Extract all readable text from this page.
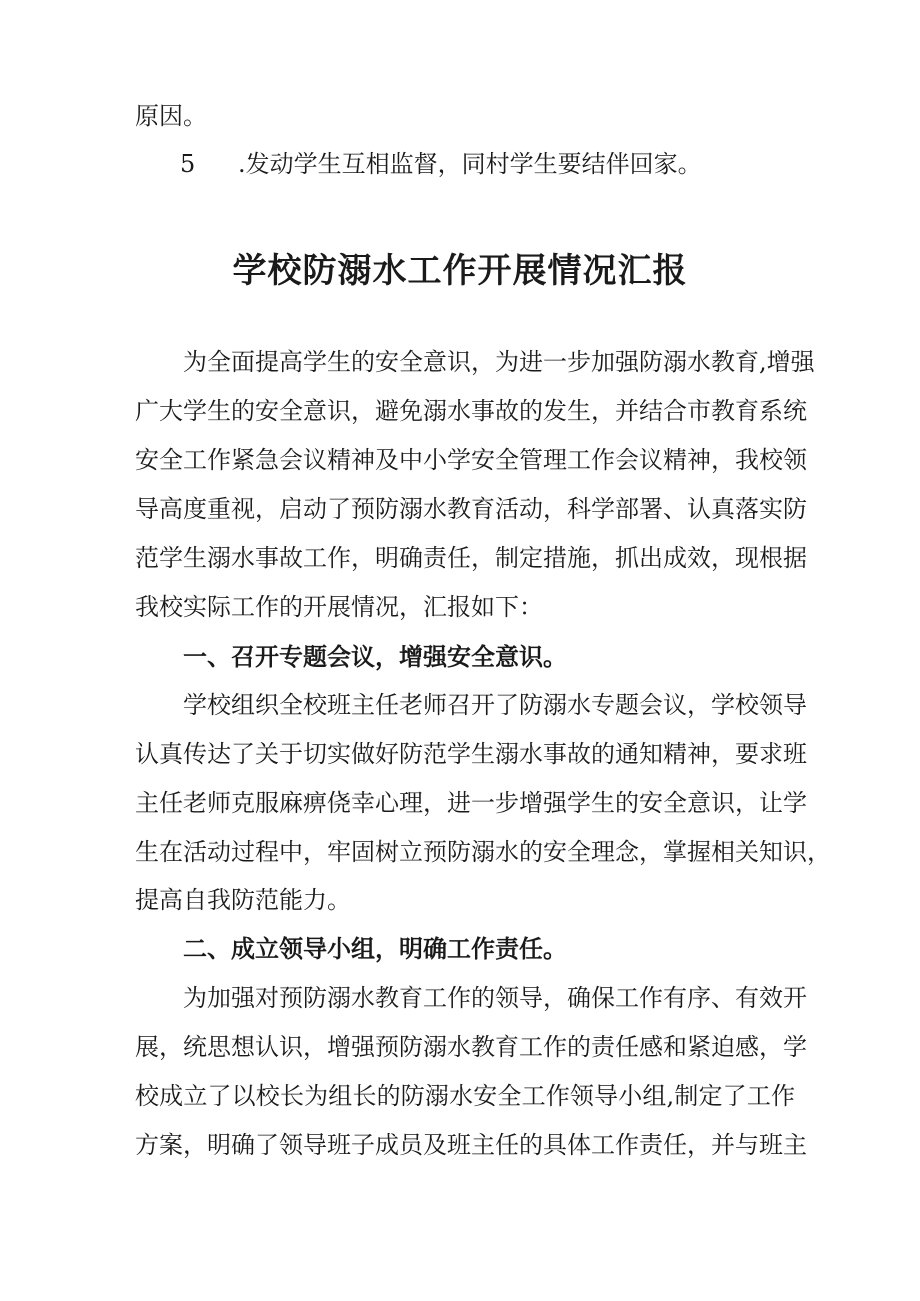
原因。
5 .发动学生互相监督，同村学生要结伴回家。
学校防溺水工作开展情况汇报
为全面提高学生的安全意识，为进一步加强防溺水教育,增强
广大学生的安全意识，避免溺水事故的发生，并结合市教育系统
安全工作紧急会议精神及中小学安全管理工作会议精神，我校领
导高度重视，启动了预防溺水教育活动，科学部署、认真落实防
范学生溺水事故工作，明确责任，制定措施，抓出成效，现根据
我校实际工作的开展情况，汇报如下：
一、召开专题会议，增强安全意识。
学校组织全校班主任老师召开了防溺水专题会议，学校领导
认真传达了关于切实做好防范学生溺水事故的通知精神，要求班
主任老师克服麻痹侥幸心理，进一步增强学生的安全意识，让学
生在活动过程中，牢固树立预防溺水的安全理念，掌握相关知识，
提高自我防范能力。
二、成立领导小组，明确工作责任。
为加强对预防溺水教育工作的领导，确保工作有序、有效开
展，统思想认识，增强预防溺水教育工作的责任感和紧迫感，学
校成立了以校长为组长的防溺水安全工作领导小组,制定了工作
方案，明确了领导班子成员及班主任的具体工作责任，并与班主
